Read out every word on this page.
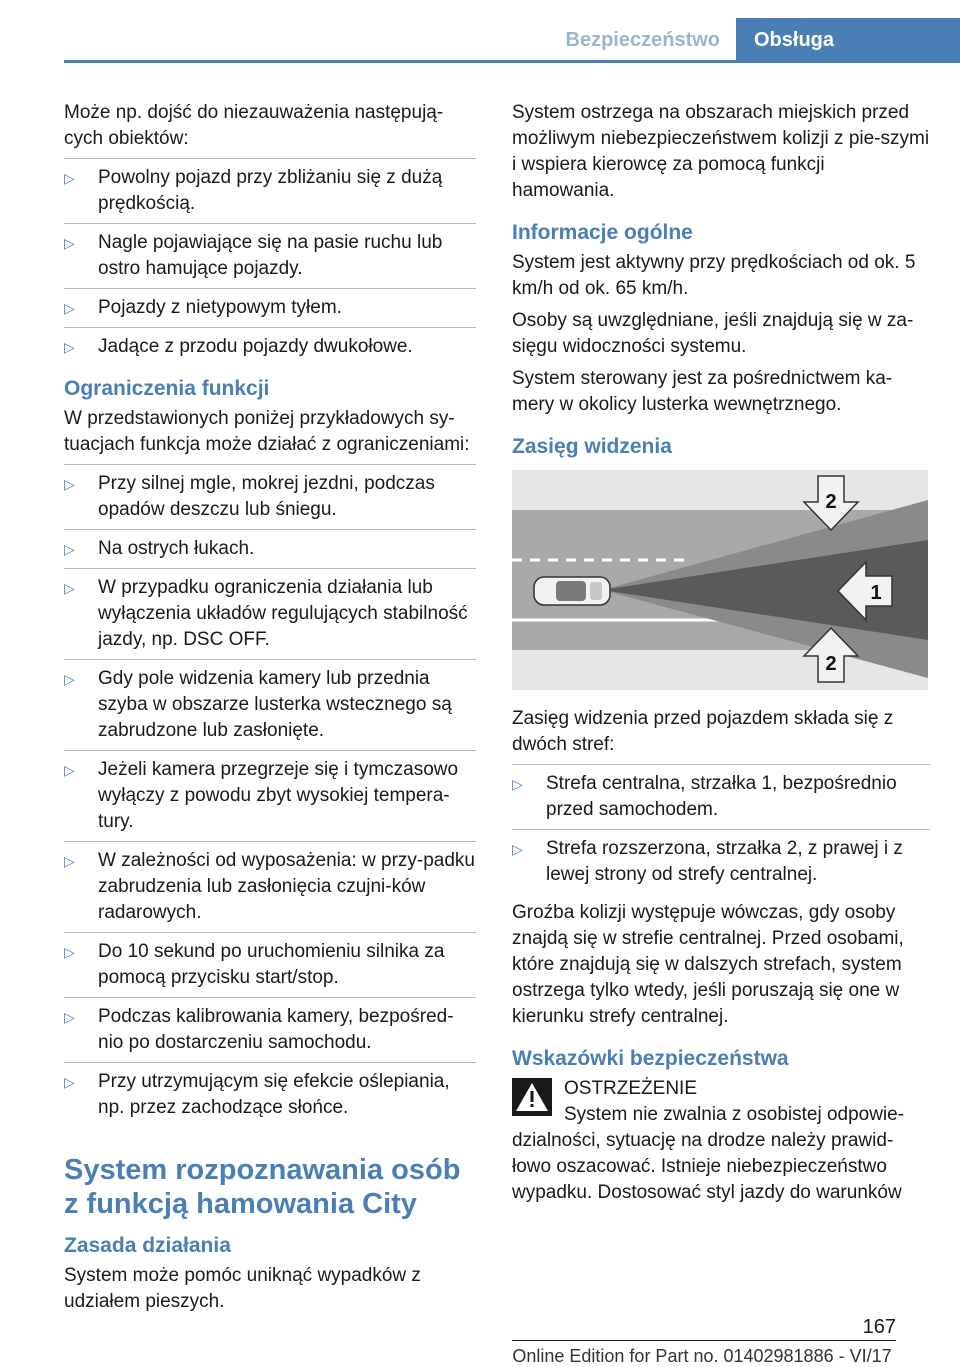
Bezpieczeństwo	Obsługa

Może np. dojść do niezauważenia następują‐cych obiektów:

▷ Powolny pojazd przy zbliżaniu się z dużą prędkością.
▷ Nagle pojawiające się na pasie ruchu lub ostro hamujące pojazdy.
▷ Pojazdy z nietypowym tyłem.
▷ Jadące z przodu pojazdy dwukołowe.
Ograniczenia funkcji

W przedstawionych poniżej przykładowych sy‐tuacjach funkcja może działać z ograniczeniami:

▷ Przy silnej mgle, mokrej jezdni, podczas opadów deszczu lub śniegu.
▷ Na ostrych łukach.
▷ W przypadku ograniczenia działania lub wyłączenia układów regulujących stabilność jazdy, np. DSC OFF.
▷ Gdy pole widzenia kamery lub przednia szyba w obszarze lusterka wstecznego są zabrudzone lub zasłonięte.
▷ Jeżeli kamera przegrzeje się i tymczasowo wyłączy z powodu zbyt wysokiej tempera‐tury.
▷ W zależności od wyposażenia: w przy‐padku zabrudzenia lub zasłonięcia czujni‐ków radarowych.
▷ Do 10 sekund po uruchomieniu silnika za pomocą przycisku start/stop.
▷ Podczas kalibrowania kamery, bezpośred‐nio po dostarczeniu samochodu.
▷ Przy utrzymującym się efekcie oślepiania, np. przez zachodzące słońce.
System rozpoznawania osób z funkcją hamowania City
Zasada działania

System może pomóc uniknąć wypadków z udziałem pieszych.

System ostrzega na obszarach miejskich przed możliwym niebezpieczeństwem kolizji z pie‐szymi i wspiera kierowcę za pomocą funkcji hamowania.

Informacje ogólne

System jest aktywny przy prędkościach od ok. 5 km/h od ok. 65 km/h.

Osoby są uwzględniane, jeśli znajdują się w za‐sięgu widoczności systemu.

System sterowany jest za pośrednictwem ka‐mery w okolicy lusterka wewnętrznego.

Zasięg widzenia
2
1
2

Zasięg widzenia przed pojazdem składa się z dwóch stref:

▷ Strefa centralna, strzałka 1, bezpośrednio przed samochodem.
▷ Strefa rozszerzona, strzałka 2, z prawej i z lewej strony od strefy centralnej.

Groźba kolizji występuje wówczas, gdy osoby znajdą się w strefie centralnej. Przed osobami, które znajdują się w dalszych strefach, system ostrzega tylko wtedy, jeśli poruszają się one w kierunku strefy centralnej.

Wskazówki bezpieczeństwa
OSTRZEŻENIE

System nie zwalnia z osobistej odpowie‐dzialności, sytuację na drodze należy prawid‐łowo oszacować. Istnieje niebezpieczeństwo wypadku. Dostosować styl jazdy do warunków

167
Online Edition for Part no. 01402981886 - VI/17
